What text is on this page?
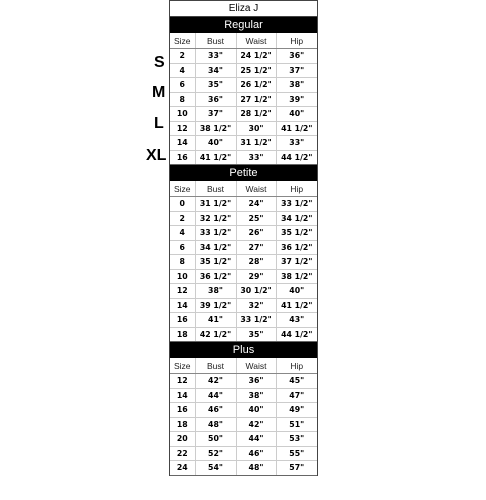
S
M
L
XL
Eliza J
Regular
Size	Bust	Waist	Hip
2	33"	24 1/2"	36"
4	34"	25 1/2"	37"
6	35"	26 1/2"	38"
8	36"	27 1/2"	39"
10	37"	28 1/2"	40"
12	38 1/2"	30"	41 1/2"
14	40"	31 1/2"	33"
16	41 1/2"	33"	44 1/2"
Petite
Size	Bust	Waist	Hip
0	31 1/2"	24"	33 1/2"
2	32 1/2"	25"	34 1/2"
4	33 1/2"	26"	35 1/2"
6	34 1/2"	27"	36 1/2"
8	35 1/2"	28"	37 1/2"
10	36 1/2"	29"	38 1/2"
12	38"	30 1/2"	40"
14	39 1/2"	32"	41 1/2"
16	41"	33 1/2"	43"
18	42 1/2"	35"	44 1/2"
Plus
Size	Bust	Waist	Hip
12	42"	36"	45"
14	44"	38"	47"
16	46"	40"	49"
18	48"	42"	51"
20	50"	44"	53"
22	52"	46"	55"
24	54"	48"	57"
